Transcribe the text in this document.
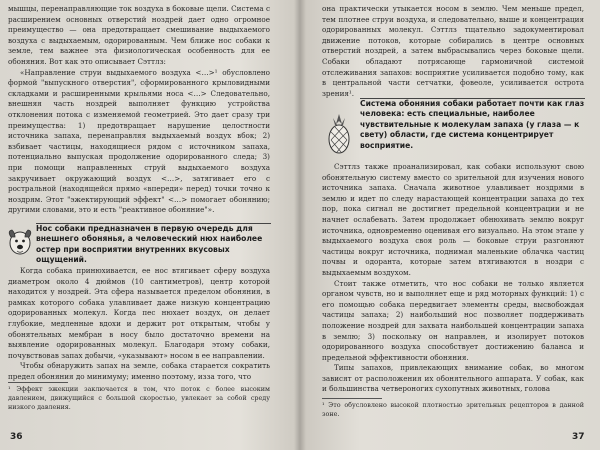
мышцы, перенаправляющие ток воздуха в боковые щели. Система с расширением основных отверстий ноздрей дает одно огромное преимущество — она предотвращает смешивание выдыхаемого воздуха с выдыхаемым, одорированным. Чем ближе нос собаки к земле, тем важнее эта физиологическая особенность для ее обоняния. Вот как это описывает Сэттлз:

«Направление струи выдыхаемого воздуха <…>¹ обусловлено формой "выпускного отверстия", сформированного крыловидными складками и расширенными крыльями носа <…> Следовательно, внешняя часть ноздрей выполняет функцию устройства отклонения потока с изменяемой геометрией. Это дает сразу три преимущества: 1) предотвращает нарушение целостности источника запаха, перенаправляя выдыхаемый воздух вбок; 2) взбивает частицы, находящиеся рядом с источником запаха, потенциально выпуская продолжение одорированного следа; 3) при помощи направленных струй выдыхаемого воздуха закручивает окружающий воздух <…>, затягивает его с ростральной (находящейся прямо «впереди» перед) точки точно к ноздрям. Этот "эжектирующий эффект" <…> помогает обонянию; другими словами, это и есть "реактивное обоняние"».

Нос собаки предназначен в первую очередь для внешнего обонянья, а человеческий нюх наиболее остер при восприятии внутренних вкусовых ощущений.

Когда собака принюхивается, ее нос втягивает сферу воздуха диаметром около 4 дюймов (10 сантиметров), центр которой находится у ноздрей. Эта сфера называется пределом обоняния, в рамках которого собака улавливает даже низкую концентрацию одорированных молекул. Когда пес нюхает воздух, он делает глубокие, медленные вдохи и держит рот открытым, чтобы у обонятельных мембран в носу было достаточно времени на выявление одорированных молекул. Благодаря этому собаки, почувствовав запах добычи, «указывают» носом в ее направлении.

Чтобы обнаружить запах на земле, собака старается сократить предел обоняния до минимуму; именно поэтому, изза того, что

¹ Эффект эжекции заключается в том, что поток с более высоким давлением, движущийся с большой скоростью, увлекает за собой среду низкого давления.
36

она практически утыкается носом в землю. Чем меньше предел, тем плотнее струи воздуха, и следовательно, выше и концентрация одорированных молекул. Сэттлз тщательно задокументировал движение потоков, которые собирались в центре основных отверстий ноздрей, а затем выбрасывались через боковые щели. Собаки обладают потрясающе гармоничной системой отслеживания запахов: восприятие усиливается подобно тому, как в центральной части сетчатки, фовеоле, усиливается острота зрения¹.

Система обоняния собаки работает почти как глаз человека: есть специальные, наиболее чувствительные к молекулам запаха (у глаза — к свету) области, где система концентрирует восприятие.

Сэттлз также проанализировал, как собаки используют свою обонятельную систему вместо со зрительной для изучения нового источника запаха. Сначала животное улавливает ноздрями в землю и идет по следу нарастающей концентрации запаха до тех пор, пока сигнал не достигнет предельной концентрации и не начнет ослабевать. Затем продолжает обнюхивать землю вокруг источника, одновременно оценивая его визуально. На этом этапе у выдыхаемого воздуха своя роль — боковые струи разгоняют частицы вокруг источника, поднимая маленькие облачка частиц почвы и одоранта, которые затем втягиваются в ноздри с выдыхаемым воздухом.

Стоит также отметить, что нос собаки не только является органом чувств, но и выполняет еще и ряд моторных функций: 1) с его помощью собака передвигает элементы среды, высвобождая частицы запаха; 2) наибольший нос позволяет поддерживать положение ноздрей для захвата наибольшей концентрации запаха в землю; 3) поскольку он направлен, и изолирует потоков одорированного воздуха способствует достижению баланса и предельной эффективности обоняния.

Типы запахов, привлекающих внимание собак, во многом зависят от расположения их обонятельного аппарата. У собак, как и большинства четвероногих сухопутных животных, голова

¹ Это обусловлено высокой плотностью зрительных рецепторов в данной зоне.
37
